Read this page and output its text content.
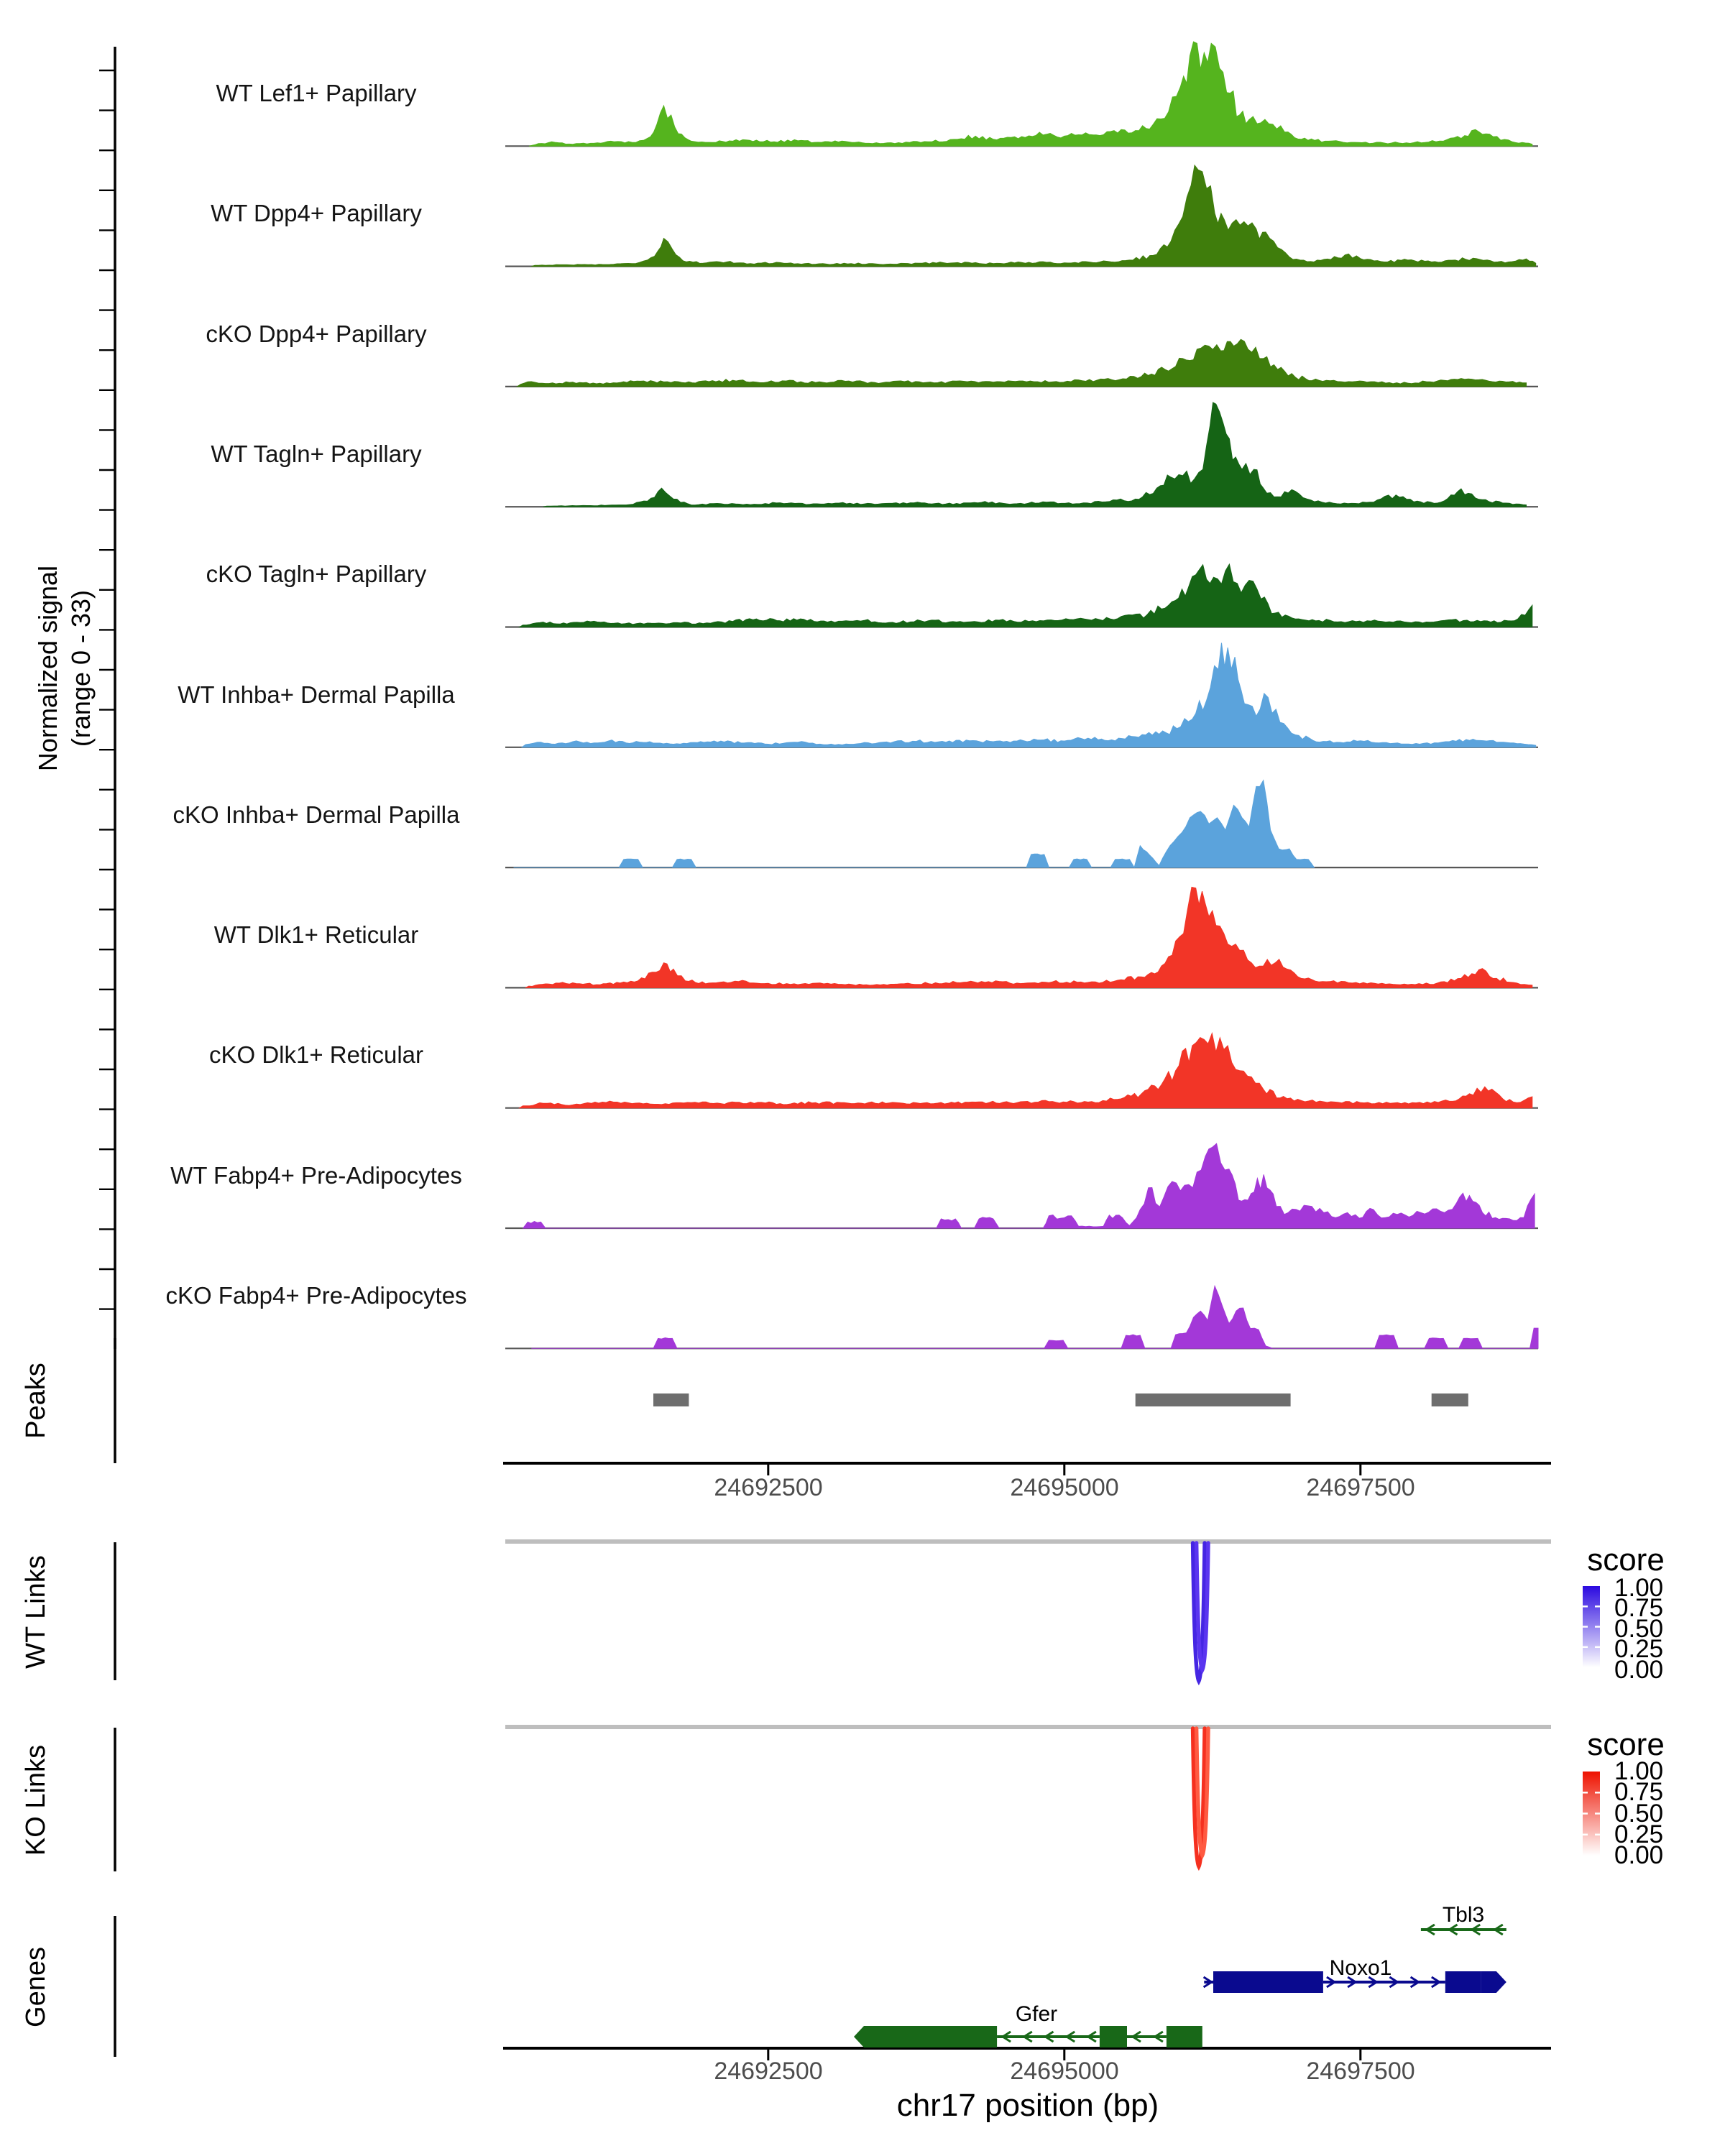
Normalized signal (range 0 - 33)
WT Lef1+ Papillary
WT Dpp4+ Papillary
cKO Dpp4+ Papillary
WT Tagln+ Papillary
cKO Tagln+ Papillary
WT Inhba+ Dermal Papilla
cKO Inhba+ Dermal Papilla
WT Dlk1+ Reticular
cKO Dlk1+ Reticular
WT Fabp4+ Pre-Adipocytes
cKO Fabp4+ Pre-Adipocytes
Peaks
WT Links
KO Links
Genes
24692500	24695000	24697500
24692500	24695000	24697500
chr17 position (bp)
score
1.00
0.75
0.50
0.25
0.00
score
1.00
0.75
0.50
0.25
0.00
Tbl3
Noxo1
Gfer
